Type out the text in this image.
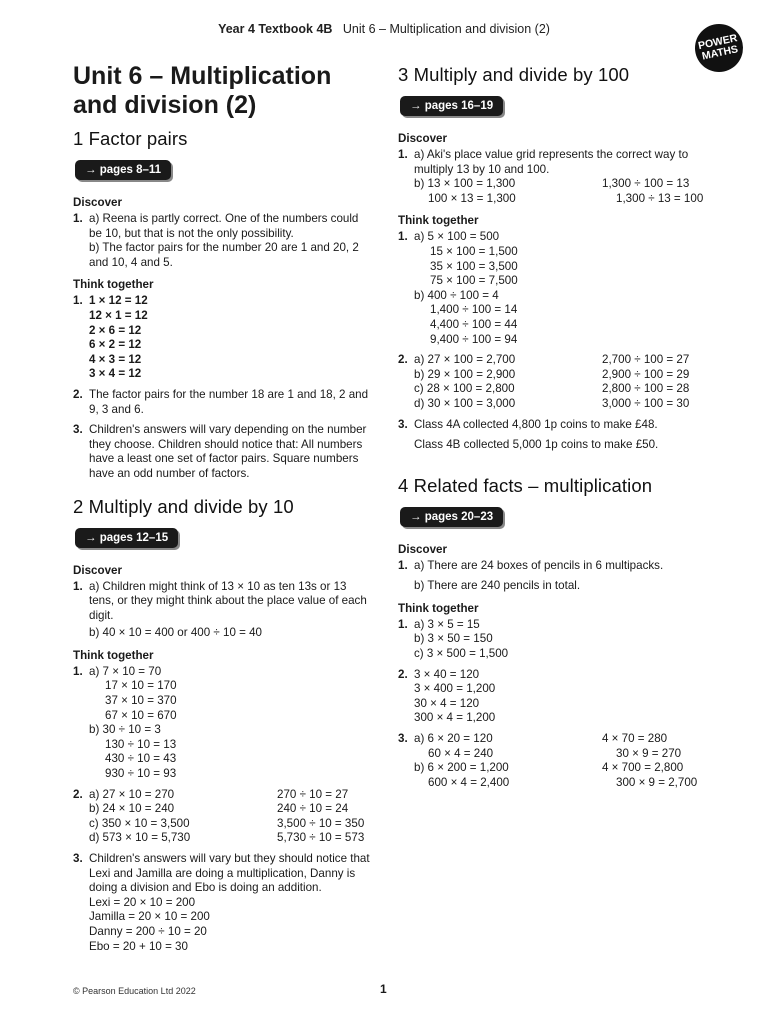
Year 4 Textbook 4B Unit 6 – Multiplication and division (2)
POWER MATHS
Unit 6 – Multiplication
and division (2)
1 Factor pairs
→ pages 8–11
Discover
1. a) Reena is partly correct. One of the numbers could be 10, but that is not the only possibility.
b) The factor pairs for the number 20 are 1 and 20, 2 and 10, 4 and 5.
Think together
1. 1 × 12 = 12
12 × 1 = 12
2 × 6 = 12
6 × 2 = 12
4 × 3 = 12
3 × 4 = 12
2. The factor pairs for the number 18 are 1 and 18, 2 and 9, 3 and 6.
3. Children's answers will vary depending on the number they choose. Children should notice that: All numbers have a least one set of factor pairs. Square numbers have an odd number of factors.
2 Multiply and divide by 10
→ pages 12–15
Discover
1. a) Children might think of 13 × 10 as ten 13s or 13 tens, or they might think about the place value of each digit.
b) 40 × 10 = 400 or 400 ÷ 10 = 40
Think together
1. a) 7 × 10 = 70
17 × 10 = 170
37 × 10 = 370
67 × 10 = 670
b) 30 ÷ 10 = 3
130 ÷ 10 = 13
430 ÷ 10 = 43
930 ÷ 10 = 93
2. a) 27 × 10 = 270	270 ÷ 10 = 27
b) 24 × 10 = 240	240 ÷ 10 = 24
c) 350 × 10 = 3,500	3,500 ÷ 10 = 350
d) 573 × 10 = 5,730	5,730 ÷ 10 = 573
3. Children's answers will vary but they should notice that Lexi and Jamilla are doing a multiplication, Danny is doing a division and Ebo is doing an addition.
Lexi = 20 × 10 = 200
Jamilla = 20 × 10 = 200
Danny = 200 ÷ 10 = 20
Ebo = 20 + 10 = 30
3 Multiply and divide by 100
→ pages 16–19
Discover
1. a) Aki's place value grid represents the correct way to multiply 13 by 10 and 100.
b) 13 × 100 = 1,300	1,300 ÷ 100 = 13
100 × 13 = 1,300	1,300 ÷ 13 = 100
Think together
1. a) 5 × 100 = 500
15 × 100 = 1,500
35 × 100 = 3,500
75 × 100 = 7,500
b) 400 ÷ 100 = 4
1,400 ÷ 100 = 14
4,400 ÷ 100 = 44
9,400 ÷ 100 = 94
2. a) 27 × 100 = 2,700	2,700 ÷ 100 = 27
b) 29 × 100 = 2,900	2,900 ÷ 100 = 29
c) 28 × 100 = 2,800	2,800 ÷ 100 = 28
d) 30 × 100 = 3,000	3,000 ÷ 100 = 30
3. Class 4A collected 4,800 1p coins to make £48.
Class 4B collected 5,000 1p coins to make £50.
4 Related facts – multiplication
→ pages 20–23
Discover
1. a) There are 24 boxes of pencils in 6 multipacks.
b) There are 240 pencils in total.
Think together
1. a) 3 × 5 = 15
b) 3 × 50 = 150
c) 3 × 500 = 1,500
2. 3 × 40 = 120
3 × 400 = 1,200
30 × 4 = 120
300 × 4 = 1,200
3. a) 6 × 20 = 120	4 × 70 = 280
60 × 4 = 240	30 × 9 = 270
b) 6 × 200 = 1,200	4 × 700 = 2,800
600 × 4 = 2,400	300 × 9 = 2,700
© Pearson Education Ltd 2022	1
